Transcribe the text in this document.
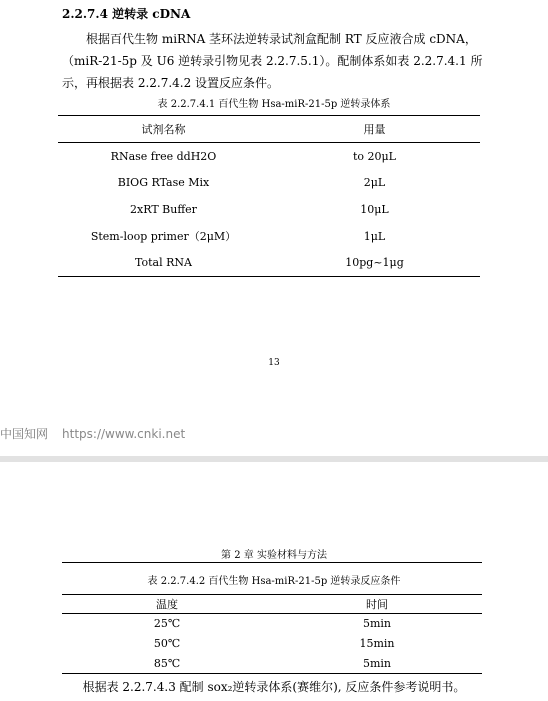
2.2.7.4 逆转录 cDNA
根据百代生物 miRNA 茎环法逆转录试剂盒配制 RT 反应液合成 cDNA，（miR-21-5p 及 U6 逆转录引物见表 2.2.7.5.1）。配制体系如表 2.2.7.4.1 所示，再根据表 2.2.7.4.2 设置反应条件。
表 2.2.7.4.1 百代生物 Hsa-miR-21-5p 逆转录体系
试剂名称	用量
RNase free ddH2O	to 20μL
BIOG RTase Mix	2μL
2xRT Buffer	10μL
Stem-loop primer（2μM）	1μL
Total RNA	10pg~1μg
13
中国知网 https://www.cnki.net
第 2 章 实验材料与方法
表 2.2.7.4.2 百代生物 Hsa-miR-21-5p 逆转录反应条件
温度	时间
25℃	5min
50℃	15min
85℃	5min
根据表 2.2.7.4.3 配制 sox₂逆转录体系(赛维尔), 反应条件参考说明书。
